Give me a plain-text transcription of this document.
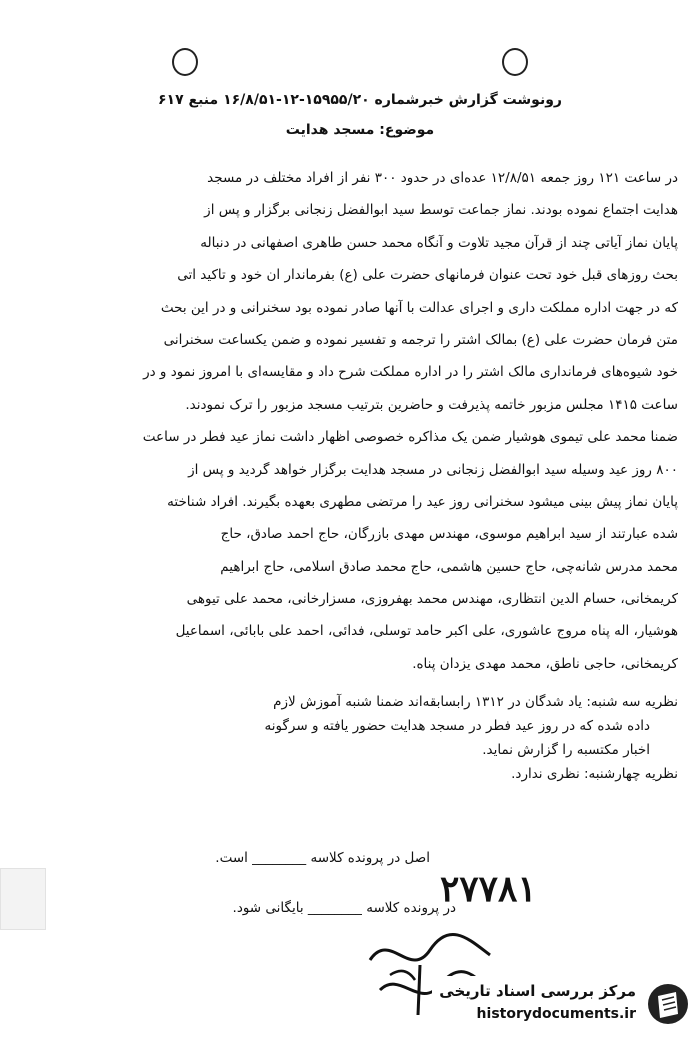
رونوشت گزارش خبرشماره ۱۵۹۵۵/۲۰-۱۲-۱۶/۸/۵۱ منبع ۶۱۷
موضوع: مسجد هدایت
در ساعت ۱۲۱ روز جمعه ۱۲/۸/۵۱ عده‌ای در حدود ۳۰۰ نفر از افراد مختلف در مسجد
هدایت اجتماع نموده بودند. نماز جماعت توسط سید ابوالفضل زنجانی برگزار و پس از
پایان نماز آیاتی چند از قرآن مجید تلاوت و آنگاه محمد حسن طاهری اصفهانی در دنباله
بحث روزهای قبل خود تحت عنوان فرمانهای حضرت علی (ع) بفرماندار ان خود و تاکید اتی
که در جهت اداره مملکت داری و اجرای عدالت با آنها صادر نموده بود سخنرانی و در این بحث
متن فرمان حضرت علی (ع) بمالک اشتر را ترجمه و تفسیر نموده و ضمن یکساعت سخنرانی
خود شیوه‌های فرمانداری مالک اشتر را در اداره مملکت شرح داد و مقایسه‌ای با امروز نمود و در
ساعت ۱۴۱۵ مجلس مزبور خاتمه پذیرفت و حاضرین بترتیب مسجد مزبور را ترک نمودند.
ضمنا محمد علی تیموی هوشیار ضمن یک مذاکره خصوصی اظهار داشت نماز عید فطر در ساعت
۸۰۰ روز عید وسیله سید ابوالفضل زنجانی در مسجد هدایت برگزار خواهد گردید و پس از
پایان نماز پیش بینی میشود سخنرانی روز عید را مرتضی مطهری بعهده بگیرند. افراد شناخته
شده عبارتند از سید ابراهیم موسوی، مهندس مهدی بازرگان، حاج احمد صادق، حاج
محمد مدرس شانه‌چی، حاج حسین هاشمی، حاج محمد صادق اسلامی، حاج ابراهیم
کریمخانی، حسام الدین انتظاری، مهندس محمد بهفروزی، مسزارخانی، محمد علی تیوهی
هوشیار، اله پناه مروج عاشوری، علی اکبر حامد توسلی، فدائی، احمد علی بابائی، اسماعیل
کریمخانی، حاجی ناطق، محمد مهدی یزدان پناه.
نظریه سه شنبه: یاد شدگان در ۱۳۱۲ رابسابقه‌اند ضمنا شنبه آموزش لازم
داده شده که در روز عید فطر در مسجد هدایت حضور یافته و سرگونه
اخبار مکتسبه را گزارش نماید.
نظریه چهارشنبه: نظری ندارد.
اصل در پرونده کلاسه ________ است.
۲۷۷۸۱
در پرونده کلاسه ________ بایگانی شود.
مرکز بررسی اسناد تاریخی
historydocuments.ir
